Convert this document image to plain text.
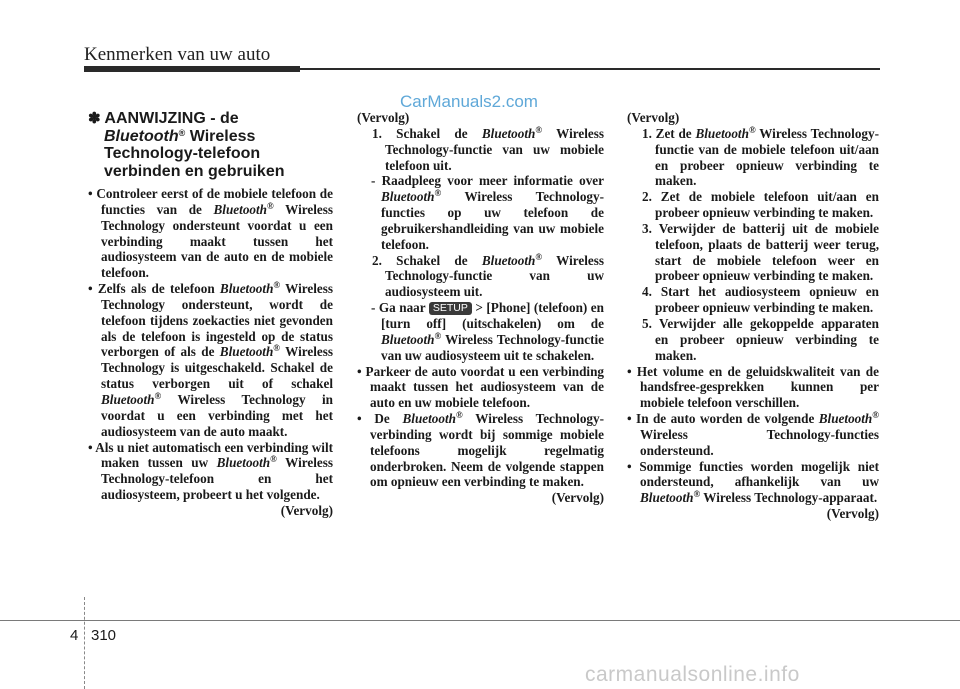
Kenmerken van uw auto
CarManuals2.com
✽ AANWIJZING - de
Bluetooth® Wireless
Technology-telefoon
verbinden en gebruiken
• Controleer eerst of de mobiele telefoon de functies van de Bluetooth® Wireless Technology ondersteunt voordat u een verbinding maakt tussen het audiosysteem van de auto en de mobiele telefoon.
• Zelfs als de telefoon Bluetooth® Wireless Technology ondersteunt, wordt de telefoon tijdens zoekacties niet gevonden als de telefoon is ingesteld op de status verborgen of als de Bluetooth® Wireless Technology is uitgeschakeld. Schakel de status verborgen uit of schakel Bluetooth® Wireless Technology in voordat u een verbinding met het audiosysteem van de auto maakt.
• Als u niet automatisch een verbinding wilt maken tussen uw Bluetooth® Wireless Technology-telefoon en het audiosysteem, probeert u het volgende.
(Vervolg)
(Vervolg)
1. Schakel de Bluetooth® Wireless Technology-functie van uw mobiele telefoon uit.
- Raadpleeg voor meer informatie over Bluetooth® Wireless Technology-functies op uw telefoon de gebruikershandleiding van uw mobiele telefoon.
2. Schakel de Bluetooth® Wireless Technology-functie van uw audiosysteem uit.
- Ga naar SETUP > [Phone] (telefoon) en [turn off] (uitschakelen) om de Bluetooth® Wireless Technology-functie van uw audiosysteem uit te schakelen.
• Parkeer de auto voordat u een verbinding maakt tussen het audiosysteem van de auto en uw mobiele telefoon.
• De Bluetooth® Wireless Technology-verbinding wordt bij sommige mobiele telefoons mogelijk regelmatig onderbroken. Neem de volgende stappen om opnieuw een verbinding te maken.
(Vervolg)
(Vervolg)
1. Zet de Bluetooth® Wireless Technology-functie van de mobiele telefoon uit/aan en probeer opnieuw verbinding te maken.
2. Zet de mobiele telefoon uit/aan en probeer opnieuw verbinding te maken.
3. Verwijder de batterij uit de mobiele telefoon, plaats de batterij weer terug, start de mobiele telefoon weer en probeer opnieuw verbinding te maken.
4. Start het audiosysteem opnieuw en probeer opnieuw verbinding te maken.
5. Verwijder alle gekoppelde apparaten en probeer opnieuw verbinding te maken.
• Het volume en de geluidskwaliteit van de handsfree-gesprekken kunnen per mobiele telefoon verschillen.
• In de auto worden de volgende Bluetooth® Wireless Technology-functies ondersteund.
• Sommige functies worden mogelijk niet ondersteund, afhankelijk van uw Bluetooth® Wireless Technology-apparaat.
(Vervolg)
4 310
carmanualsonline.info
